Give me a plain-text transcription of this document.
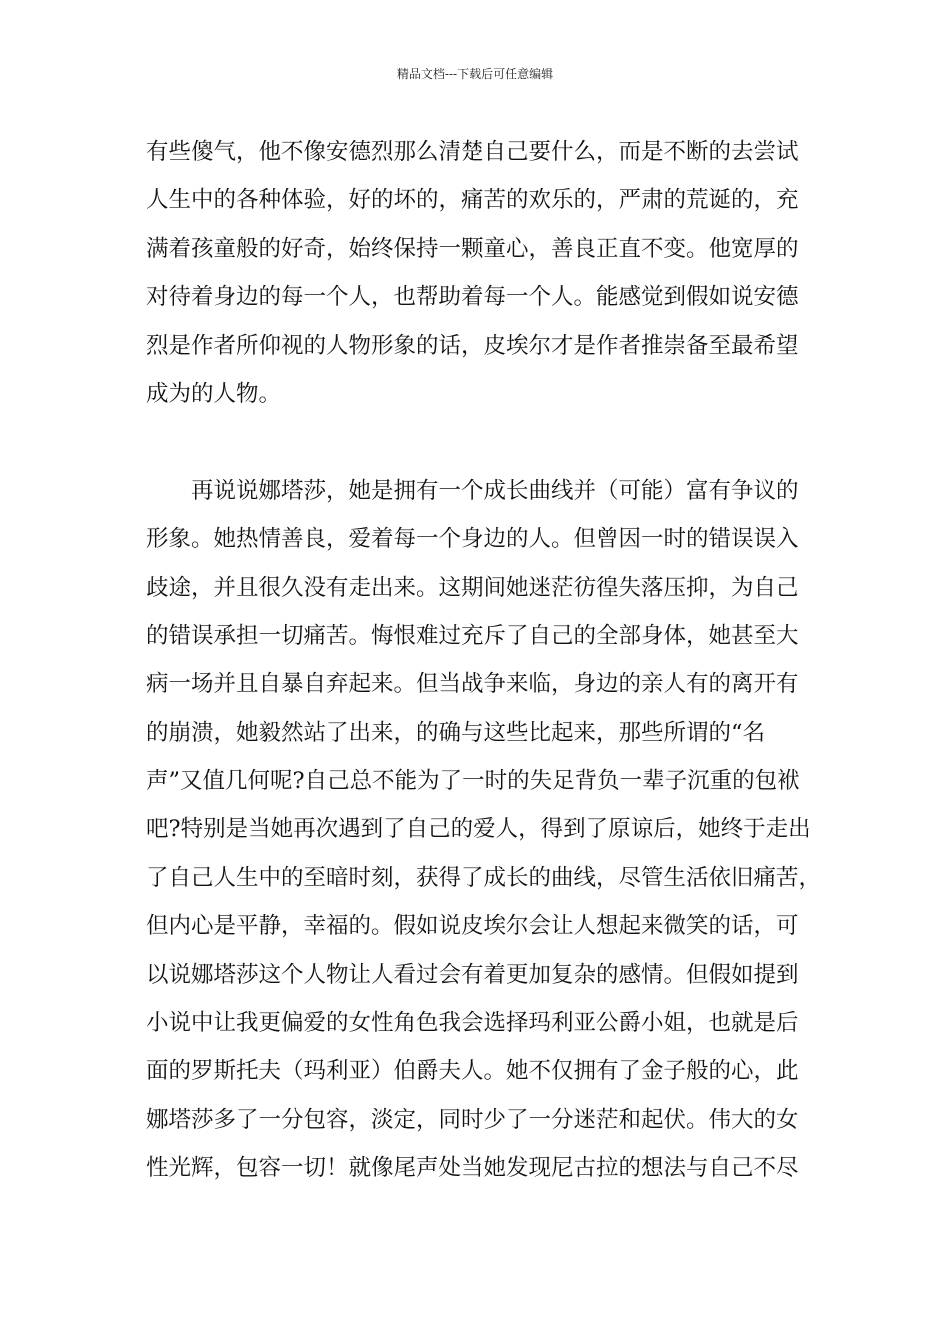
精品文档---下载后可任意编辑
有些傻气，他不像安德烈那么清楚自己要什么，而是不断的去尝试
人生中的各种体验，好的坏的，痛苦的欢乐的，严肃的荒诞的，充
满着孩童般的好奇，始终保持一颗童心，善良正直不变。他宽厚的
对待着身边的每一个人，也帮助着每一个人。能感觉到假如说安德
烈是作者所仰视的人物形象的话，皮埃尔才是作者推崇备至最希望
成为的人物。
再说说娜塔莎，她是拥有一个成长曲线并（可能）富有争议的
形象。她热情善良，爱着每一个身边的人。但曾因一时的错误误入
歧途，并且很久没有走出来。这期间她迷茫彷徨失落压抑，为自己
的错误承担一切痛苦。悔恨难过充斥了自己的全部身体，她甚至大
病一场并且自暴自弃起来。但当战争来临，身边的亲人有的离开有
的崩溃，她毅然站了出来，的确与这些比起来，那些所谓的“名
声”又值几何呢?自己总不能为了一时的失足背负一辈子沉重的包袱
吧?特别是当她再次遇到了自己的爱人，得到了原谅后，她终于走出
了自己人生中的至暗时刻，获得了成长的曲线，尽管生活依旧痛苦，
但内心是平静，幸福的。假如说皮埃尔会让人想起来微笑的话，可
以说娜塔莎这个人物让人看过会有着更加复杂的感情。但假如提到
小说中让我更偏爱的女性角色我会选择玛利亚公爵小姐，也就是后
面的罗斯托夫（玛利亚）伯爵夫人。她不仅拥有了金子般的心，此
娜塔莎多了一分包容，淡定，同时少了一分迷茫和起伏。伟大的女
性光辉，包容一切！就像尾声处当她发现尼古拉的想法与自己不尽
